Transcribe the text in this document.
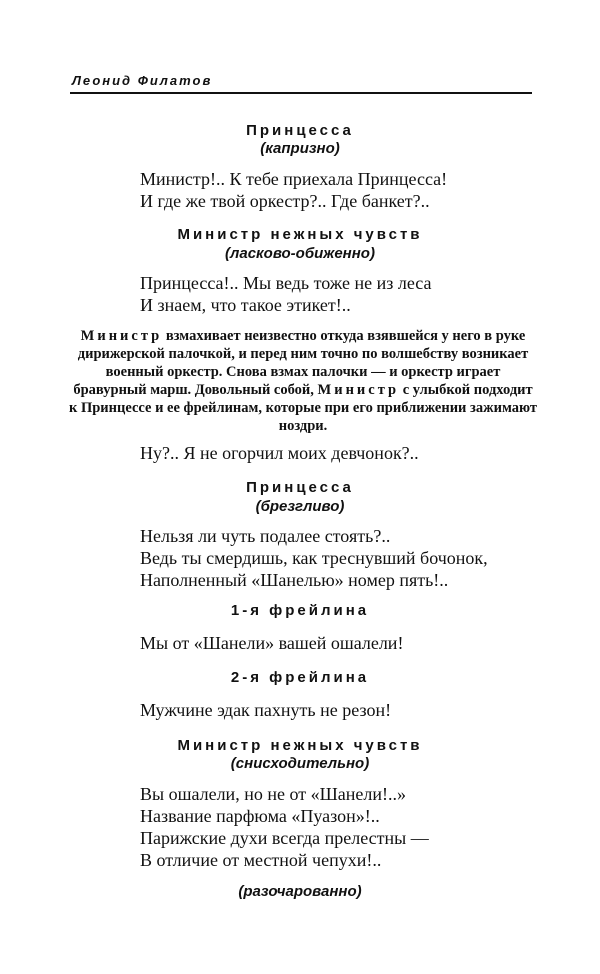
Леонид Филатов
Принцесса
(капризно)
Министр!.. К тебе приехала Принцесса!
И где же твой оркестр?.. Где банкет?..
Министр нежных чувств
(ласково-обиженно)
Принцесса!.. Мы ведь тоже не из леса
И знаем, что такое этикет!..
Министр взмахивает неизвестно откуда взявшейся у него в руке дирижерской палочкой, и перед ним точно по волшебству возникает военный оркестр. Снова взмах палочки — и оркестр играет бравурный марш. Довольный собой, Министр с улыбкой подходит к Принцессе и ее фрейлинам, которые при его приближении зажимают ноздри.
Ну?.. Я не огорчил моих девчонок?..
Принцесса
(брезгливо)
Нельзя ли чуть подалее стоять?..
Ведь ты смердишь, как треснувший бочонок,
Наполненный «Шанелью» номер пять!..
1-я фрейлина
Мы от «Шанели» вашей ошалели!
2-я фрейлина
Мужчине эдак пахнуть не резон!
Министр нежных чувств
(снисходительно)
Вы ошалели, но не от «Шанели!..»
Название парфюма «Пуазон»!..
Парижские духи всегда прелестны —
В отличие от местной чепухи!..
(разочарованно)
